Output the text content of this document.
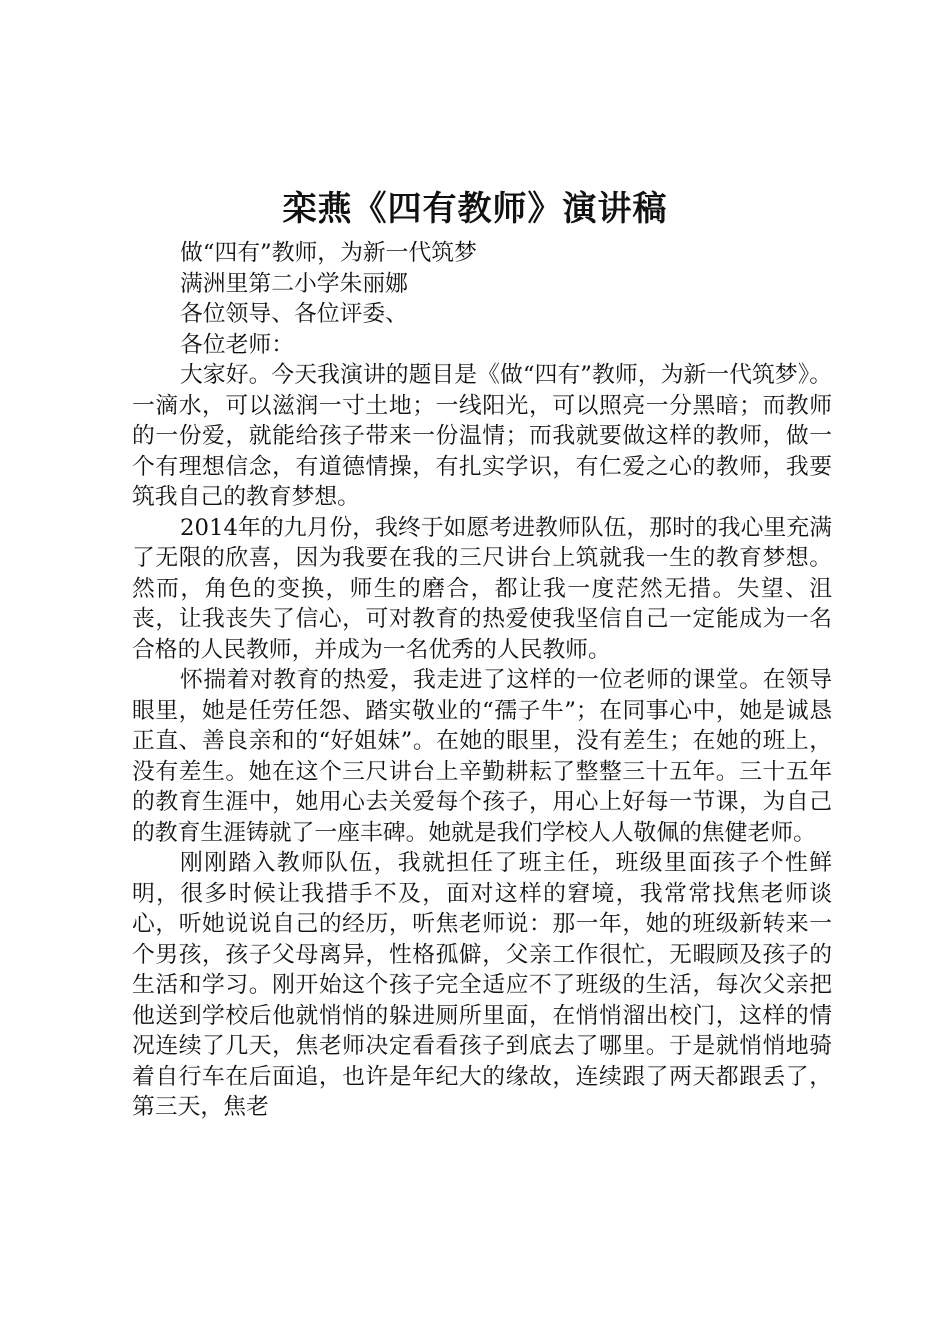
栾燕《四有教师》演讲稿

做“四有”教师，为新一代筑梦

满洲里第二小学朱丽娜

各位领导、各位评委、

各位老师：

大家好。今天我演讲的题目是《做“四有”教师，为新一代筑梦》。一滴水，可以滋润一寸土地；一线阳光，可以照亮一分黑暗；而教师的一份爱，就能给孩子带来一份温情；而我就要做这样的教师，做一个有理想信念，有道德情操，有扎实学识，有仁爱之心的教师，我要筑我自己的教育梦想。

2014年的九月份，我终于如愿考进教师队伍，那时的我心里充满了无限的欣喜，因为我要在我的三尺讲台上筑就我一生的教育梦想。然而，角色的变换，师生的磨合，都让我一度茫然无措。失望、沮丧，让我丧失了信心，可对教育的热爱使我坚信自己一定能成为一名合格的人民教师，并成为一名优秀的人民教师。

怀揣着对教育的热爱，我走进了这样的一位老师的课堂。在领导眼里，她是任劳任怨、踏实敬业的“孺子牛”；在同事心中，她是诚恳正直、善良亲和的“好姐妹”。在她的眼里，没有差生；在她的班上，没有差生。她在这个三尺讲台上辛勤耕耘了整整三十五年。三十五年的教育生涯中，她用心去关爱每个孩子，用心上好每一节课，为自己的教育生涯铸就了一座丰碑。她就是我们学校人人敬佩的焦健老师。

刚刚踏入教师队伍，我就担任了班主任，班级里面孩子个性鲜明，很多时候让我措手不及，面对这样的窘境，我常常找焦老师谈心，听她说说自己的经历，听焦老师说：那一年，她的班级新转来一个男孩，孩子父母离异，性格孤僻，父亲工作很忙，无暇顾及孩子的生活和学习。刚开始这个孩子完全适应不了班级的生活，每次父亲把他送到学校后他就悄悄的躲进厕所里面，在悄悄溜出校门，这样的情况连续了几天，焦老师决定看看孩子到底去了哪里。于是就悄悄地骑着自行车在后面追，也许是年纪大的缘故，连续跟了两天都跟丢了，第三天，焦老
